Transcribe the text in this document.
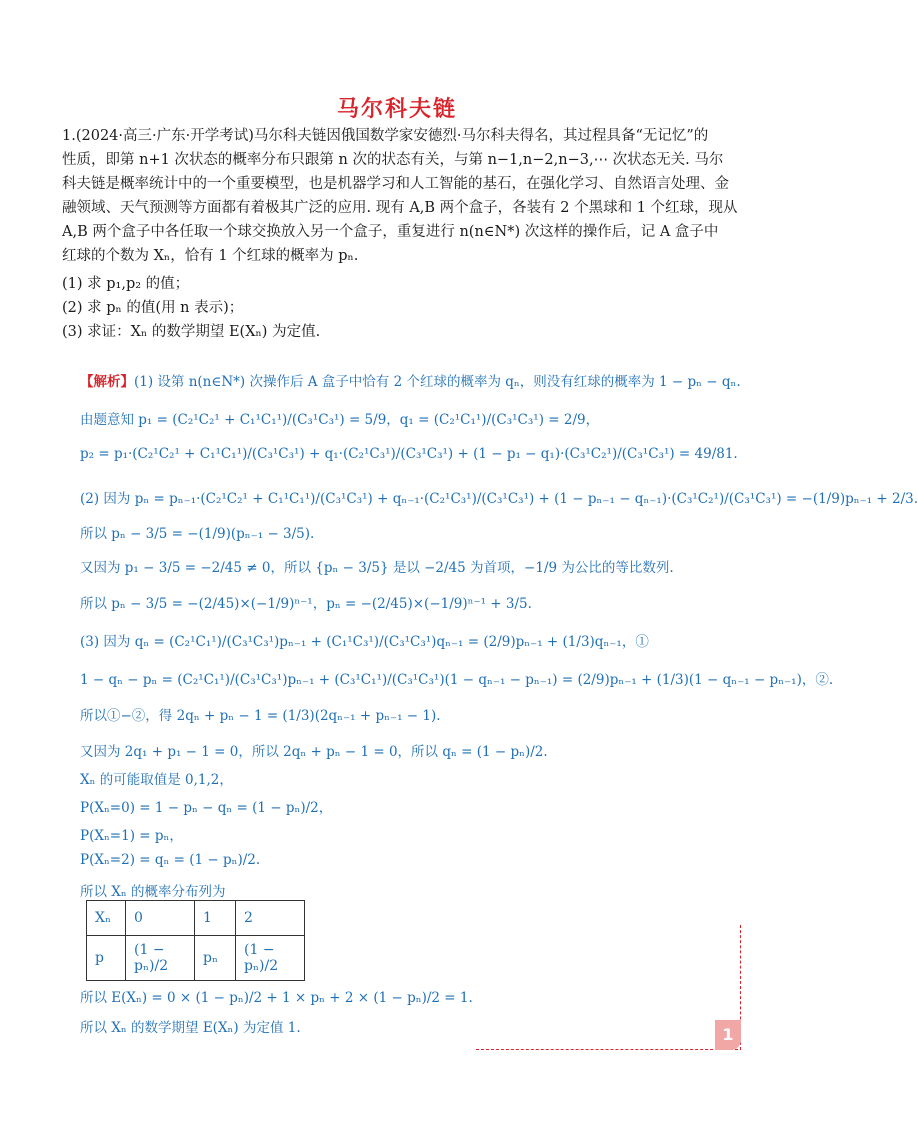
马尔科夫链
1.(2024·高三·广东·开学考试)马尔科夫链因俄国数学家安德烈·马尔科夫得名，其过程具备“无记忆”的
性质，即第 n+1 次状态的概率分布只跟第 n 次的状态有关，与第 n−1,n−2,n−3,⋯ 次状态无关. 马尔
科夫链是概率统计中的一个重要模型，也是机器学习和人工智能的基石，在强化学习、自然语言处理、金
融领域、天气预测等方面都有着极其广泛的应用. 现有 A,B 两个盒子，各装有 2 个黑球和 1 个红球，现从
A,B 两个盒子中各任取一个球交换放入另一个盒子，重复进行 n(n∈N*) 次这样的操作后，记 A 盒子中
红球的个数为 Xₙ，恰有 1 个红球的概率为 pₙ.
(1) 求 p₁,p₂ 的值；
(2) 求 pₙ 的值(用 n 表示)；
(3) 求证：Xₙ 的数学期望 E(Xₙ) 为定值.
【解析】(1) 设第 n(n∈N*) 次操作后 A 盒子中恰有 2 个红球的概率为 qₙ，则没有红球的概率为 1 − pₙ − qₙ.
由题意知 p₁ = (C₂¹C₂¹ + C₁¹C₁¹)/(C₃¹C₃¹) = 5/9，q₁ = (C₂¹C₁¹)/(C₃¹C₃¹) = 2/9，
p₂ = p₁·(C₂¹C₂¹ + C₁¹C₁¹)/(C₃¹C₃¹) + q₁·(C₂¹C₃¹)/(C₃¹C₃¹) + (1 − p₁ − q₁)·(C₃¹C₂¹)/(C₃¹C₃¹) = 49/81.
(2) 因为 pₙ = pₙ₋₁·(C₂¹C₂¹ + C₁¹C₁¹)/(C₃¹C₃¹) + qₙ₋₁·(C₂¹C₃¹)/(C₃¹C₃¹) + (1 − pₙ₋₁ − qₙ₋₁)·(C₃¹C₂¹)/(C₃¹C₃¹) = −(1/9)pₙ₋₁ + 2/3.
所以 pₙ − 3/5 = −(1/9)(pₙ₋₁ − 3/5).
又因为 p₁ − 3/5 = −2/45 ≠ 0，所以 {pₙ − 3/5} 是以 −2/45 为首项，−1/9 为公比的等比数列.
所以 pₙ − 3/5 = −(2/45)×(−1/9)ⁿ⁻¹，pₙ = −(2/45)×(−1/9)ⁿ⁻¹ + 3/5.
(3) 因为 qₙ = (C₂¹C₁¹)/(C₃¹C₃¹)pₙ₋₁ + (C₁¹C₃¹)/(C₃¹C₃¹)qₙ₋₁ = (2/9)pₙ₋₁ + (1/3)qₙ₋₁，①
1 − qₙ − pₙ = (C₂¹C₁¹)/(C₃¹C₃¹)pₙ₋₁ + (C₃¹C₁¹)/(C₃¹C₃¹)(1 − qₙ₋₁ − pₙ₋₁) = (2/9)pₙ₋₁ + (1/3)(1 − qₙ₋₁ − pₙ₋₁)，②.
所以①−②，得 2qₙ + pₙ − 1 = (1/3)(2qₙ₋₁ + pₙ₋₁ − 1).
又因为 2q₁ + p₁ − 1 = 0，所以 2qₙ + pₙ − 1 = 0，所以 qₙ = (1 − pₙ)/2.
Xₙ 的可能取值是 0,1,2，
P(Xₙ=0) = 1 − pₙ − qₙ = (1 − pₙ)/2，
P(Xₙ=1) = pₙ，
P(Xₙ=2) = qₙ = (1 − pₙ)/2.
所以 Xₙ 的概率分布列为
所以 E(Xₙ) = 0 × (1 − pₙ)/2 + 1 × pₙ + 2 × (1 − pₙ)/2 = 1.
所以 Xₙ 的数学期望 E(Xₙ) 为定值 1.
Xₙ	0	1	2
p	(1 − pₙ)/2	pₙ	(1 − pₙ)/2
1
